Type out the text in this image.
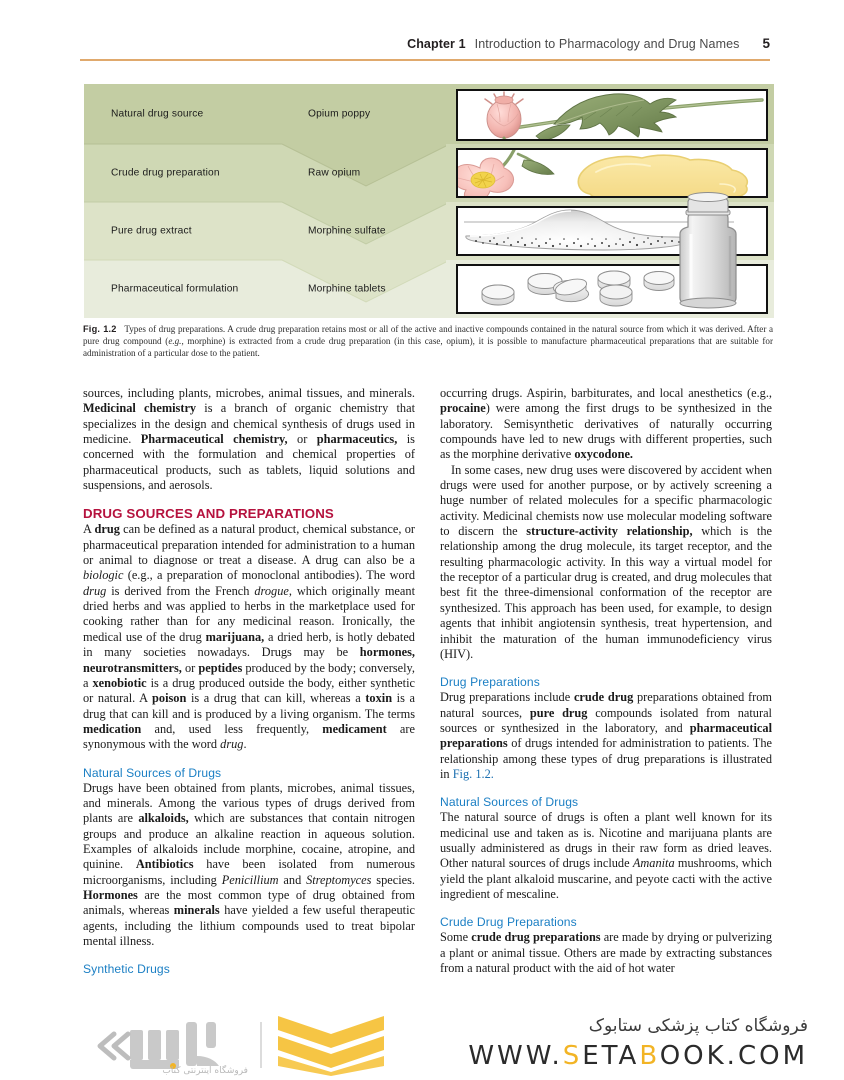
Chapter 1 Introduction to Pharmacology and Drug Names 5
Natural drug source	Opium poppy
Crude drug preparation	Raw opium
Pure drug extract	Morphine sulfate
Pharmaceutical formulation	Morphine tablets
Fig. 1.2 Types of drug preparations. A crude drug preparation retains most or all of the active and inactive compounds contained in the natural source from which it was derived. After a pure drug compound (e.g., morphine) is extracted from a crude drug preparation (in this case, opium), it is possible to manufacture pharmaceutical preparations that are suitable for administration of a particular dose to the patient.

sources, including plants, microbes, animal tissues, and minerals. Medicinal chemistry is a branch of organic chemistry that specializes in the design and chemical synthesis of drugs used in medicine. Pharmaceutical chemistry, or pharmaceutics, is concerned with the formulation and chemical properties of pharmaceutical products, such as tablets, liquid solutions and suspensions, and aerosols.

DRUG SOURCES AND PREPARATIONS

A drug can be defined as a natural product, chemical substance, or pharmaceutical preparation intended for administration to a human or animal to diagnose or treat a disease. A drug can also be a biologic (e.g., a preparation of monoclonal antibodies). The word drug is derived from the French drogue, which originally meant dried herbs and was applied to herbs in the marketplace used for cooking rather than for any medicinal reason. Ironically, the medical use of the drug marijuana, a dried herb, is hotly debated in many societies nowadays. Drugs may be hormones, neurotransmitters, or peptides produced by the body; conversely, a xenobiotic is a drug produced outside the body, either synthetic or natural. A poison is a drug that can kill, whereas a toxin is a drug that can kill and is produced by a living organism. The terms medication and, used less frequently, medicament are synonymous with the word drug.

Natural Sources of Drugs

Drugs have been obtained from plants, microbes, animal tissues, and minerals. Among the various types of drugs derived from plants are alkaloids, which are substances that contain nitrogen groups and produce an alkaline reaction in aqueous solution. Examples of alkaloids include morphine, cocaine, atropine, and quinine. Antibiotics have been isolated from numerous microorganisms, including Penicillium and Streptomyces species. Hormones are the most common type of drug obtained from animals, whereas minerals have yielded a few useful therapeutic agents, including the lithium compounds used to treat bipolar mental illness.

Synthetic Drugs

occurring drugs. Aspirin, barbiturates, and local anesthetics (e.g., procaine) were among the first drugs to be synthesized in the laboratory. Semisynthetic derivatives of naturally occurring compounds have led to new drugs with different properties, such as the morphine derivative oxycodone.

In some cases, new drug uses were discovered by accident when drugs were used for another purpose, or by actively screening a huge number of related molecules for a specific pharmacologic activity. Medicinal chemists now use molecular modeling software to discern the structure-activity relationship, which is the relationship among the drug molecule, its target receptor, and the resulting pharmacologic activity. In this way a virtual model for the receptor of a particular drug is created, and drug molecules that best fit the three-dimensional conformation of the receptor are synthesized. This approach has been used, for example, to design agents that inhibit angiotensin synthesis, treat hypertension, and inhibit the maturation of the human immunodeficiency virus (HIV).

Drug Preparations

Drug preparations include crude drug preparations obtained from natural sources, pure drug compounds isolated from natural sources or synthesized in the laboratory, and pharmaceutical preparations of drugs intended for administration to patients. The relationship among these types of drug preparations is illustrated in Fig. 1.2.

Natural Sources of Drugs

The natural source of drugs is often a plant well known for its medicinal use and taken as is. Nicotine and marijuana plants are usually administered as drugs in their raw form as dried leaves. Other natural sources of drugs include Amanita mushrooms, which yield the plant alkaloid muscarine, and peyote cacti with the active ingredient of mescaline.

Crude Drug Preparations

Some crude drug preparations are made by drying or pulverizing a plant or animal tissue. Others are made by extracting substances from a natural product with the aid of hot water

فروشگاه اینترنتی کتاب
فروشگاه کتاب پزشکی ستابوک
WWW.SETABOOK.COM
